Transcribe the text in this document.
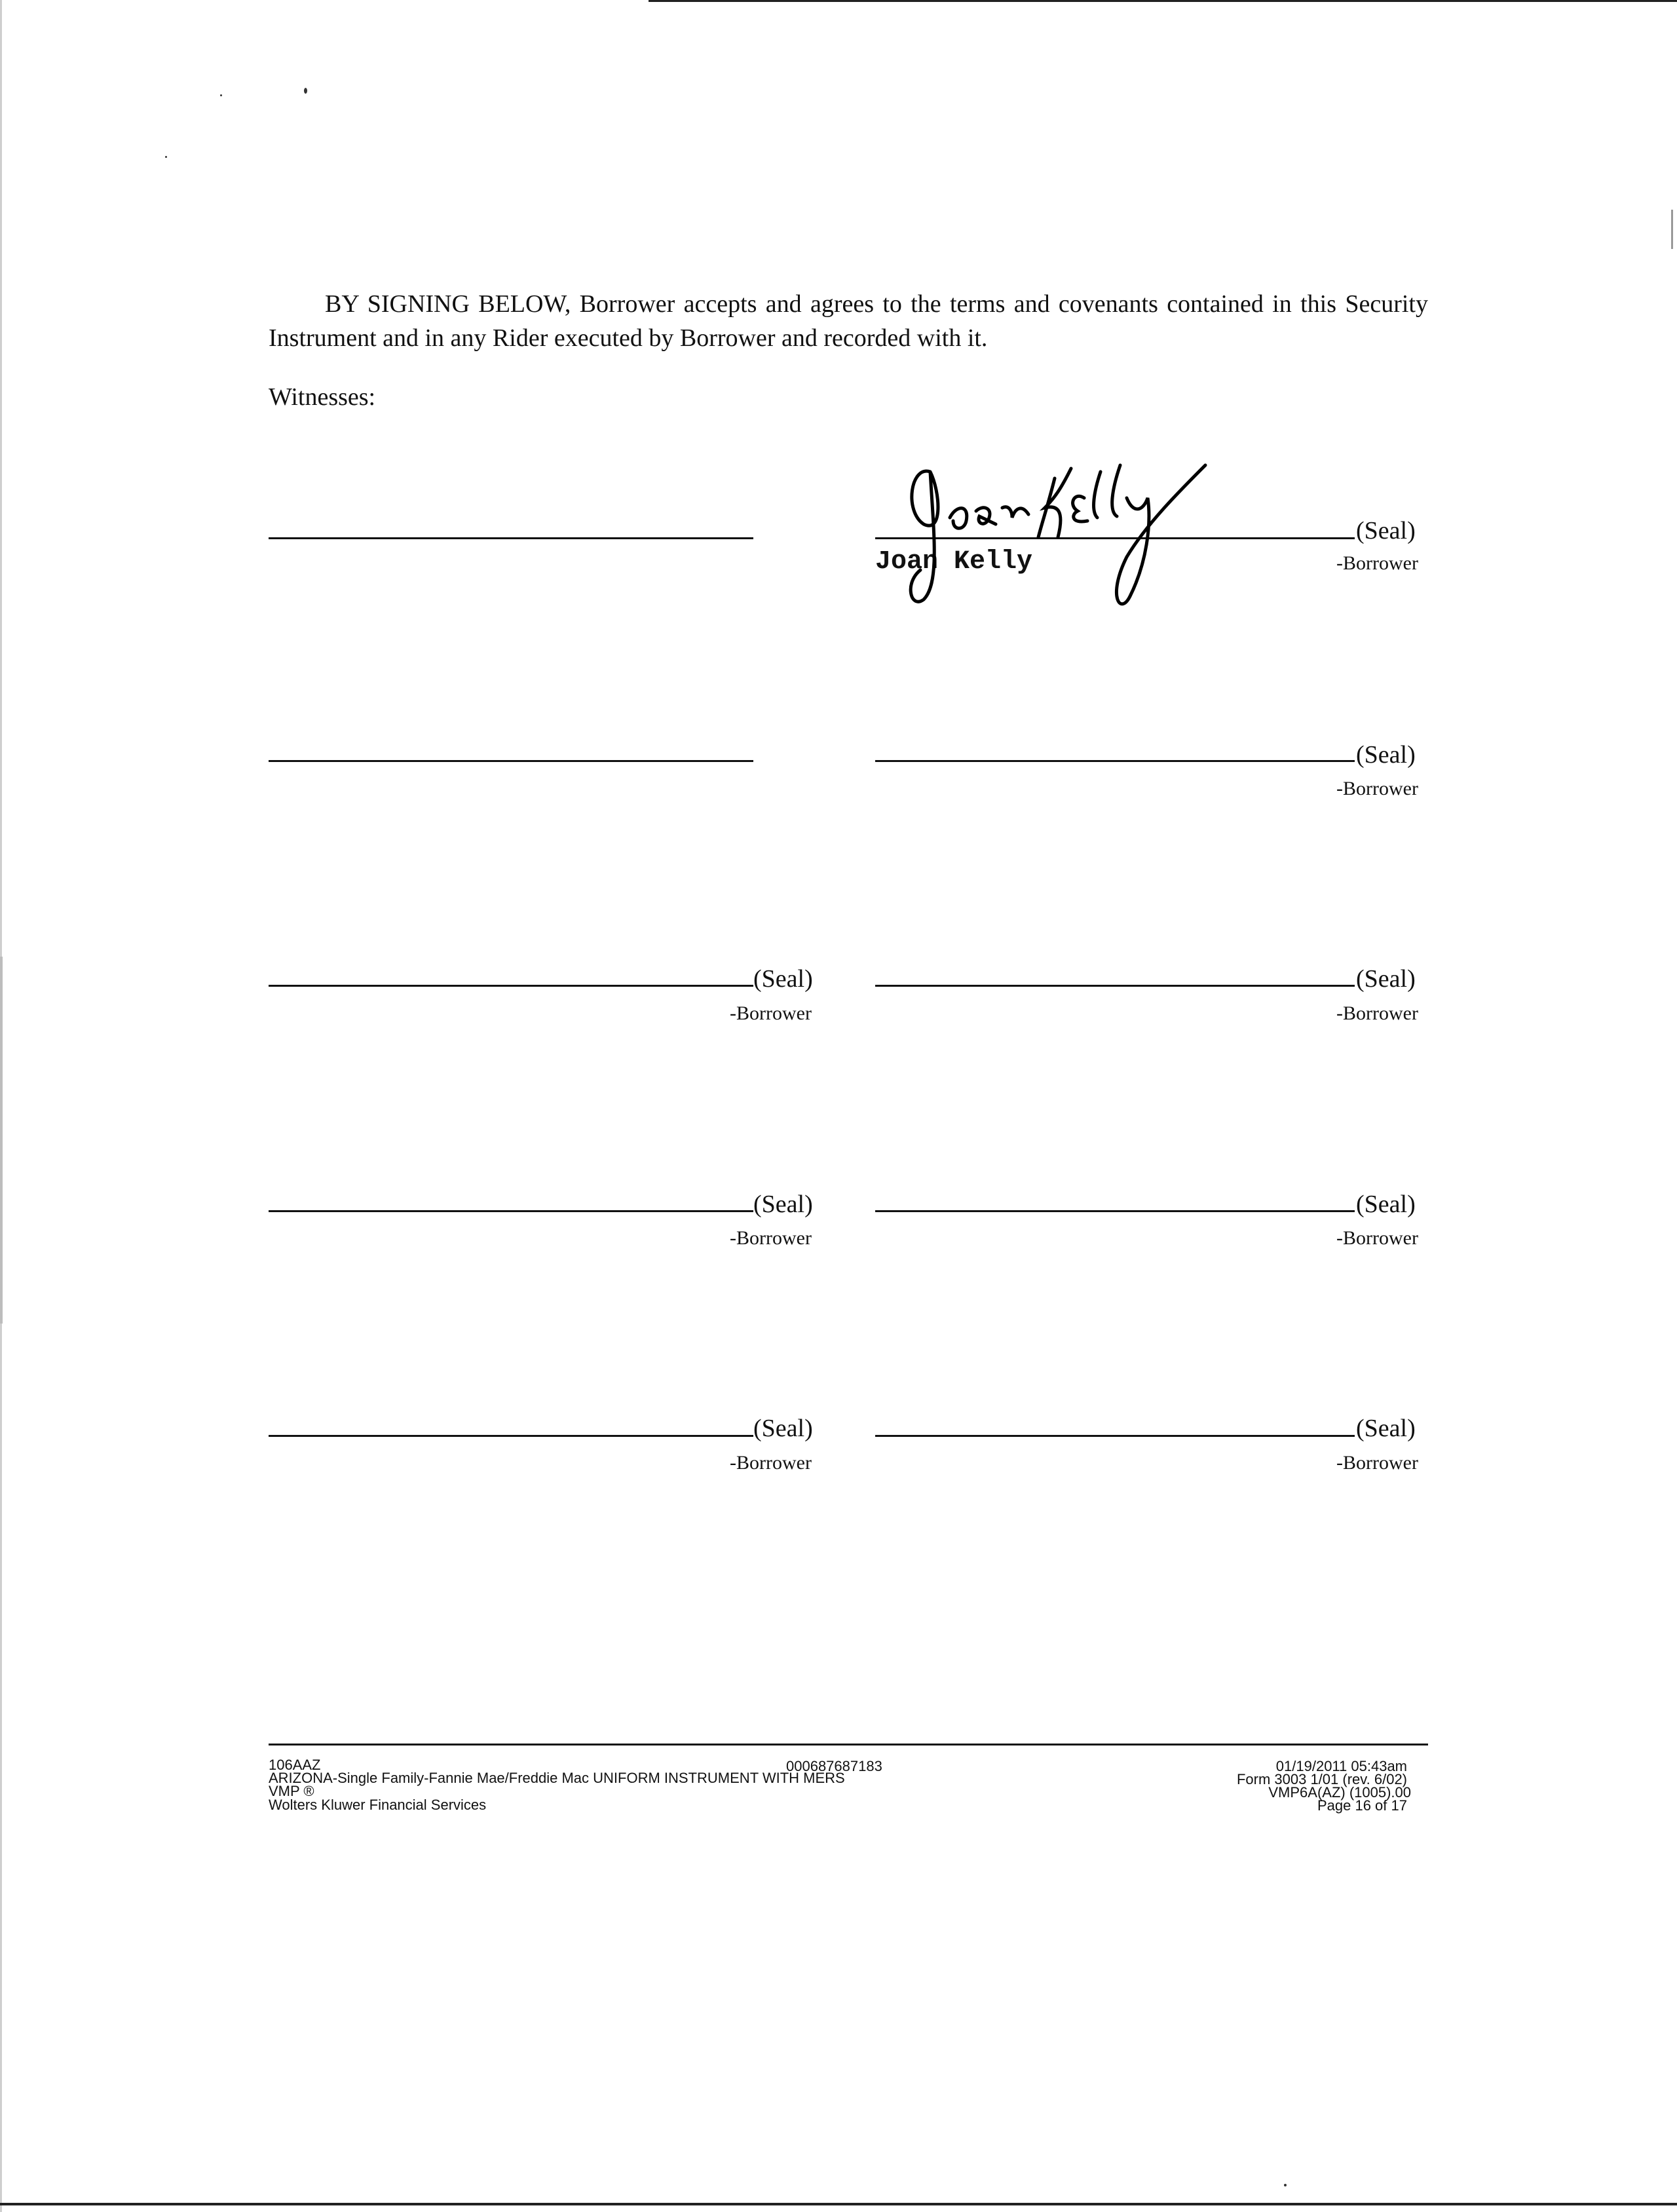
BY SIGNING BELOW, Borrower accepts and agrees to the terms and covenants contained in this Security Instrument and in any Rider executed by Borrower and recorded with it.

Witnesses:

(Seal)
-Borrower
Joan Kelly
(Seal)
-Borrower
(Seal)
-Borrower
(Seal)
-Borrower
(Seal)
-Borrower
(Seal)
-Borrower
(Seal)
-Borrower
(Seal)
-Borrower
106AAZ	000687687183
ARIZONA-Single Family-Fannie Mae/Freddie Mac UNIFORM INSTRUMENT WITH MERS
VMP ®
Wolters Kluwer Financial Services
01/19/2011 05:43am
Form 3003 1/01 (rev. 6/02)
VMP6A(AZ) (1005).00
Page 16 of 17
